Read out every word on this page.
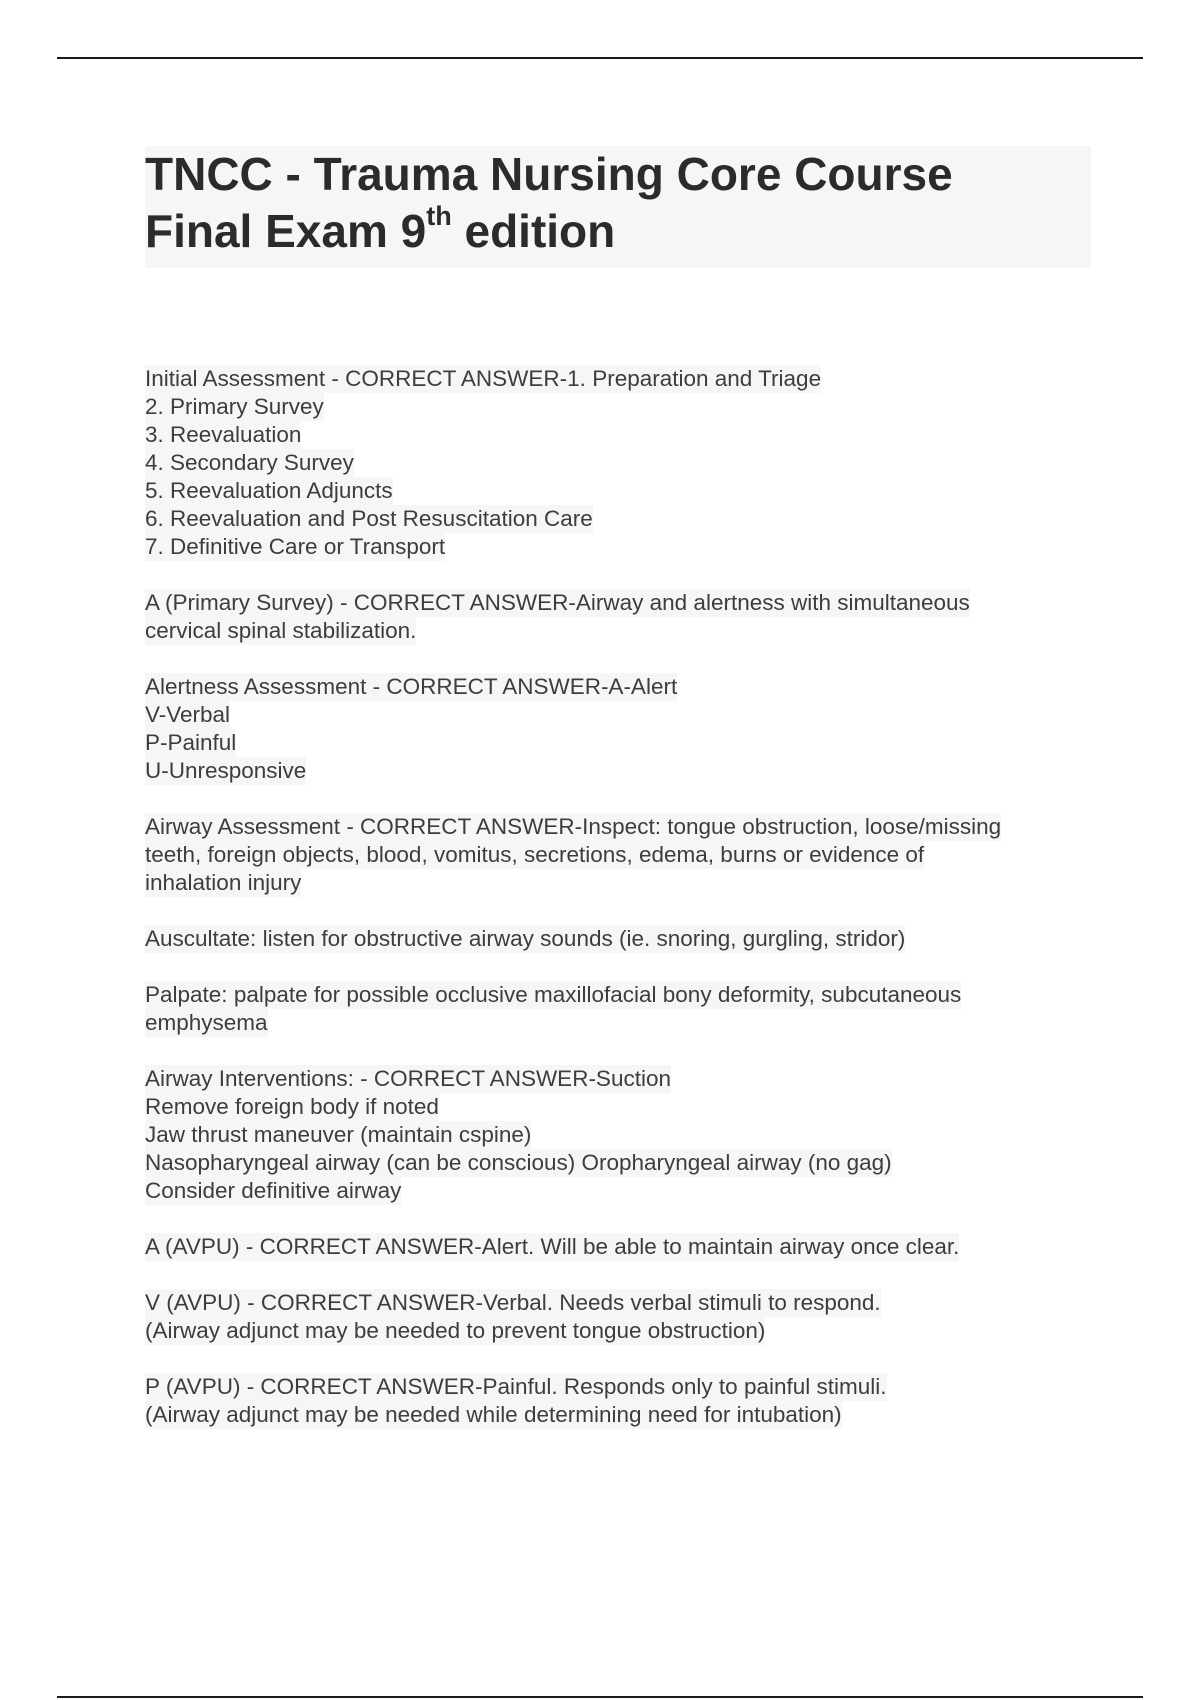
TNCC - Trauma Nursing Core Course
Final Exam 9th edition
Initial Assessment - CORRECT ANSWER-1. Preparation and Triage
2. Primary Survey
3. Reevaluation
4. Secondary Survey
5. Reevaluation Adjuncts
6. Reevaluation and Post Resuscitation Care
7. Definitive Care or Transport
A (Primary Survey) - CORRECT ANSWER-Airway and alertness with simultaneous
cervical spinal stabilization.
Alertness Assessment - CORRECT ANSWER-A-Alert
V-Verbal
P-Painful
U-Unresponsive
Airway Assessment - CORRECT ANSWER-Inspect: tongue obstruction, loose/missing
teeth, foreign objects, blood, vomitus, secretions, edema, burns or evidence of
inhalation injury
Auscultate: listen for obstructive airway sounds (ie. snoring, gurgling, stridor)
Palpate: palpate for possible occlusive maxillofacial bony deformity, subcutaneous
emphysema
Airway Interventions: - CORRECT ANSWER-Suction
Remove foreign body if noted
Jaw thrust maneuver (maintain cspine)
Nasopharyngeal airway (can be conscious) Oropharyngeal airway (no gag)
Consider definitive airway
A (AVPU) - CORRECT ANSWER-Alert. Will be able to maintain airway once clear.
V (AVPU) - CORRECT ANSWER-Verbal. Needs verbal stimuli to respond.
(Airway adjunct may be needed to prevent tongue obstruction)
P (AVPU) - CORRECT ANSWER-Painful. Responds only to painful stimuli.
(Airway adjunct may be needed while determining need for intubation)
